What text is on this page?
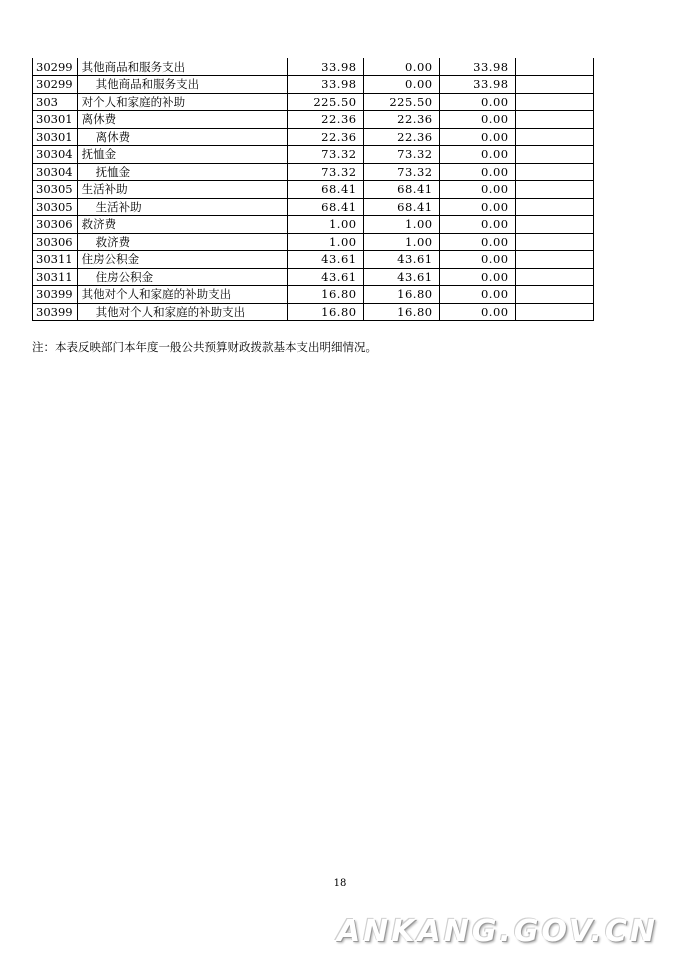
30299	其他商品和服务支出	33.98	0.00	33.98	
30299	其他商品和服务支出	33.98	0.00	33.98	
303	对个人和家庭的补助	225.50	225.50	0.00	
30301	离休费	22.36	22.36	0.00	
30301	离休费	22.36	22.36	0.00	
30304	抚恤金	73.32	73.32	0.00	
30304	抚恤金	73.32	73.32	0.00	
30305	生活补助	68.41	68.41	0.00	
30305	生活补助	68.41	68.41	0.00	
30306	救济费	1.00	1.00	0.00	
30306	救济费	1.00	1.00	0.00	
30311	住房公积金	43.61	43.61	0.00	
30311	住房公积金	43.61	43.61	0.00	
30399	其他对个人和家庭的补助支出	16.80	16.80	0.00	
30399	其他对个人和家庭的补助支出	16.80	16.80	0.00	
注：本表反映部门本年度一般公共预算财政拨款基本支出明细情况。
18
ANKANG.GOV.CN
